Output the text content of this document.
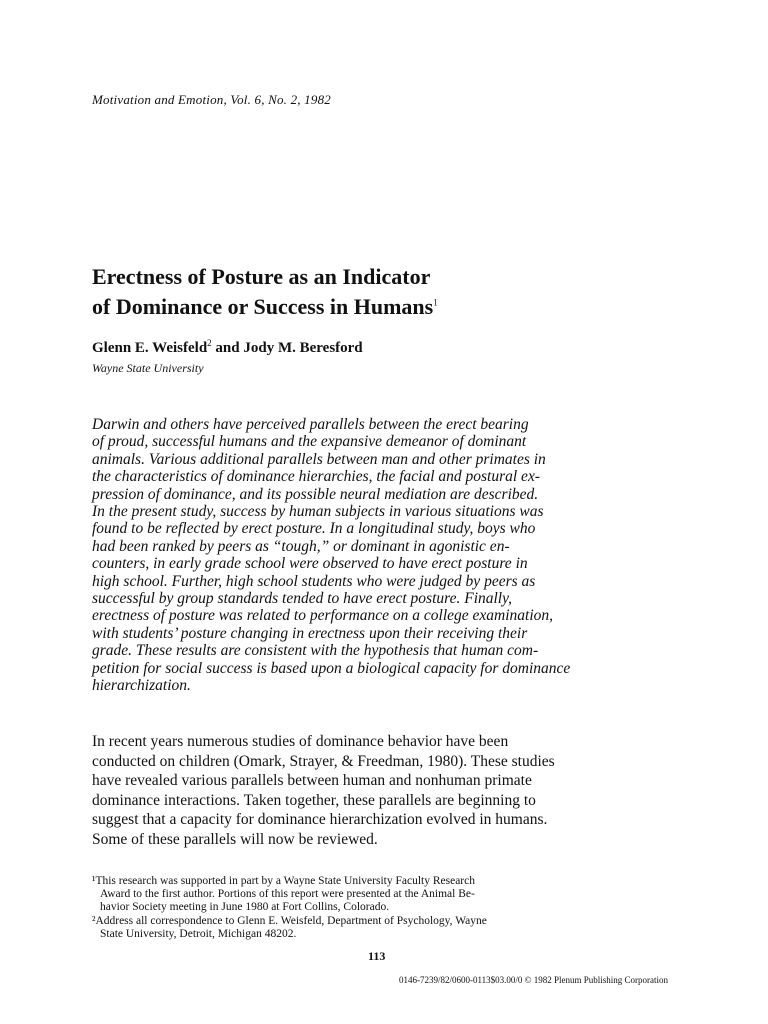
Motivation and Emotion, Vol. 6, No. 2, 1982
Erectness of Posture as an Indicator
of Dominance or Success in Humans$^1$
Glenn E. Weisfeld$^2$ and Jody M. Beresford
Wayne State University
Darwin and others have perceived parallels between the erect bearing
of proud, successful humans and the expansive demeanor of dominant
animals. Various additional parallels between man and other primates in
the characteristics of dominance hierarchies, the facial and postural ex-
pression of dominance, and its possible neural mediation are described.
In the present study, success by human subjects in various situations was
found to be reflected by erect posture. In a longitudinal study, boys who
had been ranked by peers as “tough,” or dominant in agonistic en-
counters, in early grade school were observed to have erect posture in
high school. Further, high school students who were judged by peers as
successful by group standards tended to have erect posture. Finally,
erectness of posture was related to performance on a college examination,
with students’ posture changing in erectness upon their receiving their
grade. These results are consistent with the hypothesis that human com-
petition for social success is based upon a biological capacity for dominance
hierarchization.
In recent years numerous studies of dominance behavior have been
conducted on children (Omark, Strayer, & Freedman, 1980). These studies
have revealed various parallels between human and nonhuman primate
dominance interactions. Taken together, these parallels are beginning to
suggest that a capacity for dominance hierarchization evolved in humans.
Some of these parallels will now be reviewed.
¹This research was supported in part by a Wayne State University Faculty Research
Award to the first author. Portions of this report were presented at the Animal Be-
havior Society meeting in June 1980 at Fort Collins, Colorado.
²Address all correspondence to Glenn E. Weisfeld, Department of Psychology, Wayne
State University, Detroit, Michigan 48202.
113
0146-7239/82/0600-0113$03.00/0 © 1982 Plenum Publishing Corporation
